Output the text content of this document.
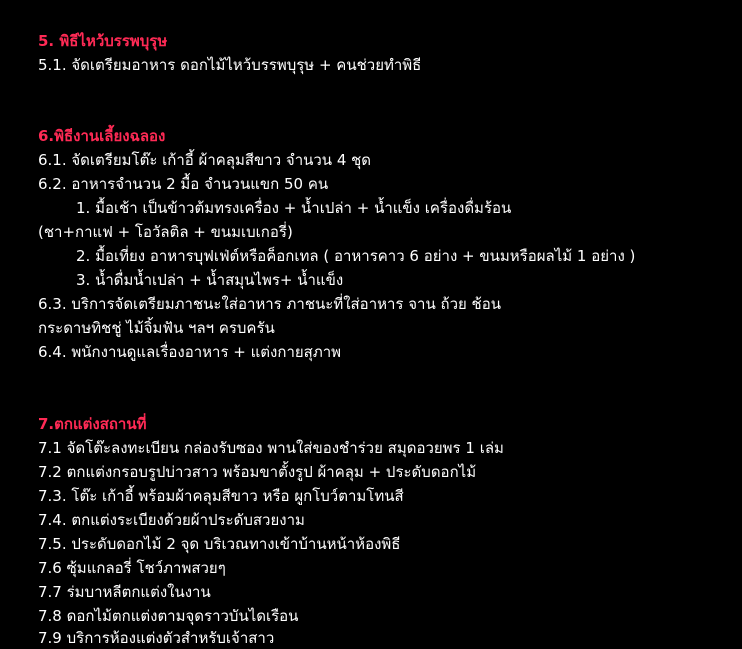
5. พิธีไหว้บรรพบุรุษ
5.1. จัดเตรียมอาหาร ดอกไม้ไหว้บรรพบุรุษ + คนช่วยทำพิธี
6.พิธีงานเลี้ยงฉลอง
6.1. จัดเตรียมโต๊ะ เก้าอี้ ผ้าคลุมสีขาว จำนวน 4 ชุด
6.2. อาหารจำนวน 2 มื้อ จำนวนแขก 50 คน
1. มื้อเช้า เป็นข้าวต้มทรงเครื่อง + น้ำเปล่า + น้ำแข็ง เครื่องดื่มร้อน
(ชา+กาแฟ + โอวัลติล + ขนมเบเกอรี่)
2. มื้อเที่ยง อาหารบุฟเฟ่ต์หรือค็อกเทล ( อาหารคาว 6 อย่าง + ขนมหรือผลไม้ 1 อย่าง )
3. น้ำดื่มน้ำเปล่า + น้ำสมุนไพร+ น้ำแข็ง
6.3. บริการจัดเตรียมภาชนะใส่อาหาร ภาชนะที่ใส่อาหาร จาน ถ้วย ช้อน
กระดาษทิชชู่ ไม้จิ้มฟัน ฯลฯ ครบครัน
6.4. พนักงานดูแลเรื่องอาหาร + แต่งกายสุภาพ
7.ตกแต่งสถานที่
7.1 จัดโต๊ะลงทะเบียน กล่องรับซอง พานใส่ของชำร่วย สมุดอวยพร 1 เล่ม
7.2 ตกแต่งกรอบรูปบ่าวสาว พร้อมขาตั้งรูป ผ้าคลุม + ประดับดอกไม้
7.3. โต๊ะ เก้าอี้ พร้อมผ้าคลุมสีขาว หรือ ผูกโบว์ตามโทนสี
7.4. ตกแต่งระเบียงด้วยผ้าประดับสวยงาม
7.5. ประดับดอกไม้ 2 จุด บริเวณทางเข้าบ้านหน้าห้องพิธี
7.6 ซุ้มแกลอรี่ โชว์ภาพสวยๆ
7.7 ร่มบาหลีตกแต่งในงาน
7.8 ดอกไม้ตกแต่งตามจุดราวบันไดเรือน
7.9 บริการห้องแต่งตัวสำหรับเจ้าสาว
